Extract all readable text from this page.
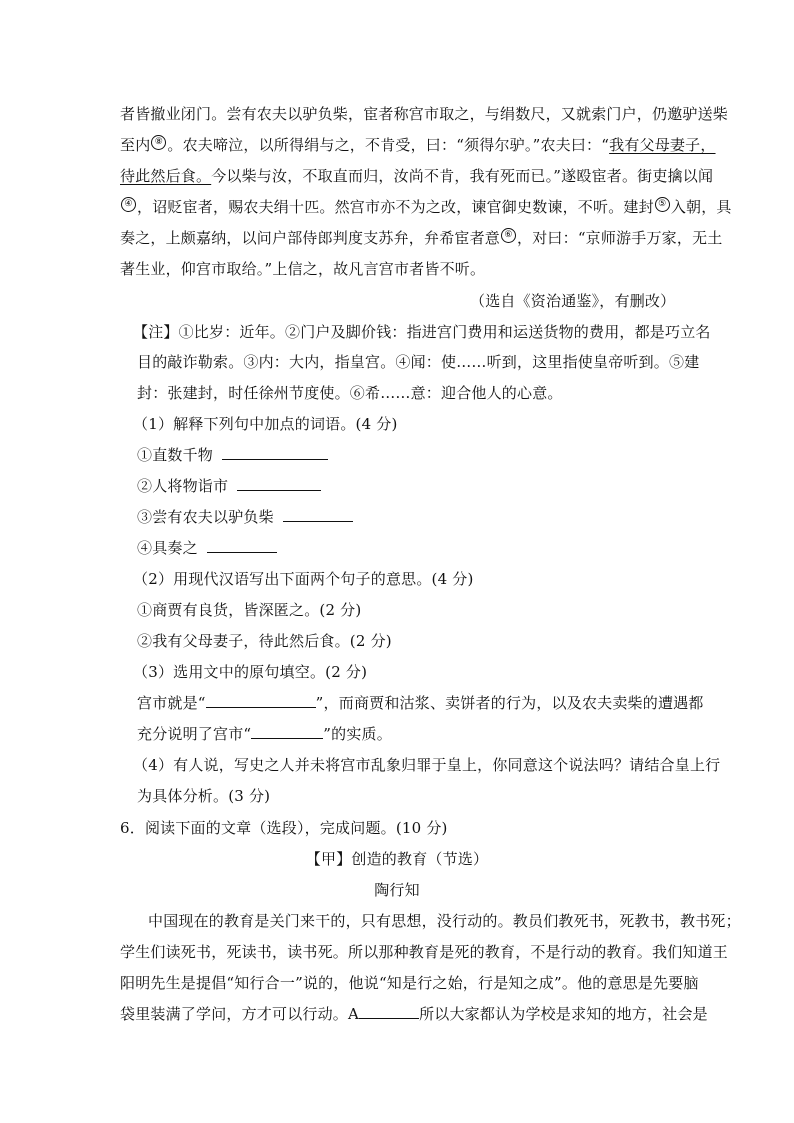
者皆撤业闭门。尝有农夫以驴负柴，宦者称宫市取之，与绢数尺，又就索门户，仍邀驴送柴
至内 ⑧ 。农夫啼泣，以所得绢与之，不肯受，曰：“须得尔驴。”农夫曰：“我有父母妻子，
待此然后食。今以柴与汝，不取直而归，汝尚不肯，我有死而已。”遂殴宦者。街吏擒以闻
④ ，诏贬宦者，赐农夫绢十匹。然宫市亦不为之改，谏官御史数谏，不听。建封 ⑤ 入朝，具
奏之，上颇嘉纳，以问户部侍郎判度支苏弁，弁希宦者意 ⑥ ，对曰：“京师游手万家，无土
著生业，仰宫市取给。”上信之，故凡言宫市者皆不听。
（选自《资治通鉴》，有删改）
【注】①比岁：近年。②门户及脚价钱：指进宫门费用和运送货物的费用，都是巧立名
目的敲诈勒索。③内：大内，指皇宫。④闻：使……听到，这里指使皇帝听到。⑤建
封：张建封，时任徐州节度使。⑥希……意：迎合他人的心意。
（1）解释下列句中加点的词语。(4 分)
①直数千物
②人将物诣市
③尝有农夫以驴负柴
④具奏之
（2）用现代汉语写出下面两个句子的意思。(4 分)
①商贾有良货，皆深匿之。(2 分)
②我有父母妻子，待此然后食。(2 分)
（3）选用文中的原句填空。(2 分)
宫市就是“	”，而商贾和沽浆、卖饼者的行为，以及农夫卖柴的遭遇都
充分说明了宫市“	”的实质。
（4）有人说，写史之人并未将宫市乱象归罪于皇上，你同意这个说法吗？请结合皇上行
为具体分析。(3 分)
6．阅读下面的文章（选段），完成问题。(10 分)
【甲】创造的教育（节选）
陶行知
中国现在的教育是关门来干的，只有思想，没行动的。教员们教死书，死教书，教书死；
学生们读死书，死读书，读书死。所以那种教育是死的教育，不是行动的教育。我们知道王
阳明先生是提倡“知行合一”说的，他说“知是行之始，行是知之成”。他的意思是先要脑
袋里装满了学问，方才可以行动。A	所以大家都认为学校是求知的地方，社会是
